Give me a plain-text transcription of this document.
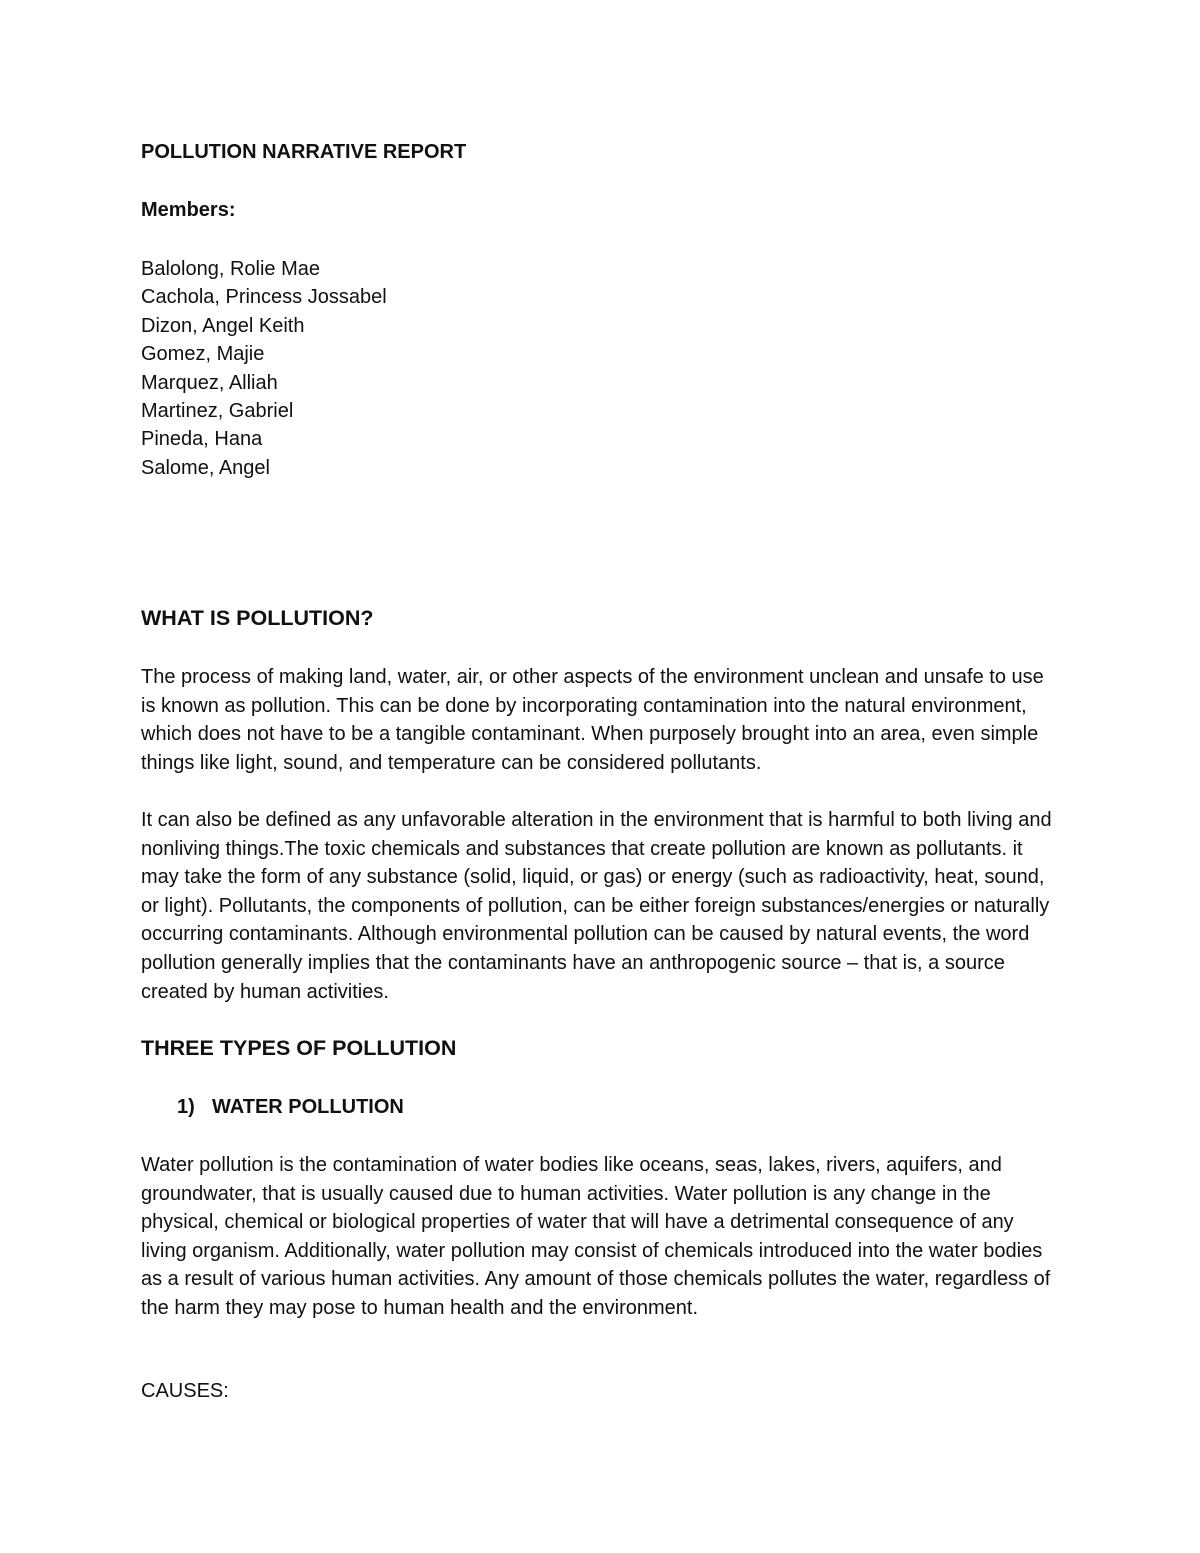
POLLUTION NARRATIVE REPORT
Members:
Balolong, Rolie Mae
Cachola, Princess Jossabel
Dizon, Angel Keith
Gomez, Majie
Marquez, Alliah
Martinez, Gabriel
Pineda, Hana
Salome, Angel
WHAT IS POLLUTION?

The process of making land, water, air, or other aspects of the environment unclean and unsafe to use is known as pollution. This can be done by incorporating contamination into the natural environment, which does not have to be a tangible contaminant. When purposely brought into an area, even simple things like light, sound, and temperature can be considered pollutants.

It can also be defined as any unfavorable alteration in the environment that is harmful to both living and nonliving things.The toxic chemicals and substances that create pollution are known as pollutants. it may take the form of any substance (solid, liquid, or gas) or energy (such as radioactivity, heat, sound, or light). Pollutants, the components of pollution, can be either foreign substances/energies or naturally occurring contaminants. Although environmental pollution can be caused by natural events, the word pollution generally implies that the contaminants have an anthropogenic source – that is, a source created by human activities.

THREE TYPES OF POLLUTION
1) WATER POLLUTION

Water pollution is the contamination of water bodies like oceans, seas, lakes, rivers, aquifers, and groundwater, that is usually caused due to human activities. Water pollution is any change in the physical, chemical or biological properties of water that will have a detrimental consequence of any living organism. Additionally, water pollution may consist of chemicals introduced into the water bodies as a result of various human activities. Any amount of those chemicals pollutes the water, regardless of the harm they may pose to human health and the environment.

CAUSES:
